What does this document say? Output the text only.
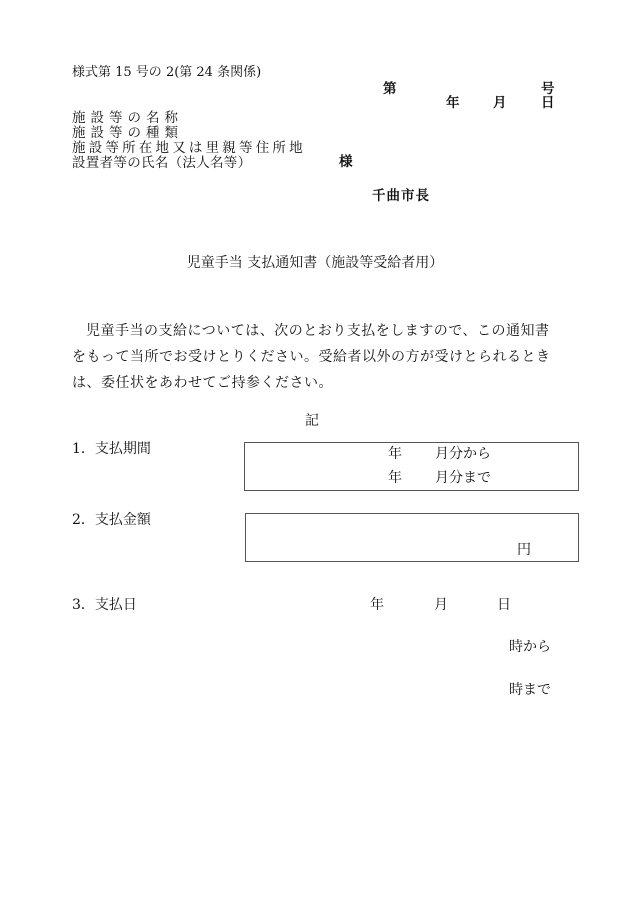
様式第 15 号の 2(第 24 条関係)
第	号
年 月	日
施設等の名称
施設等の種類
施設等所在地又は里親等住所地
設置者等の氏名（法人名等）	様
千曲市長
児童手当 支払通知書（施設等受給者用）
児童手当の支給については、次のとおり支払をしますので、この通知書をもって当所でお受けとりください。受給者以外の方が受けとられるときは、委任状をあわせてご持参ください。
記
1．支払期間	年 月分から
年 月分まで
2．支払金額
円
3．支払日	年	月	日
時から
時まで
